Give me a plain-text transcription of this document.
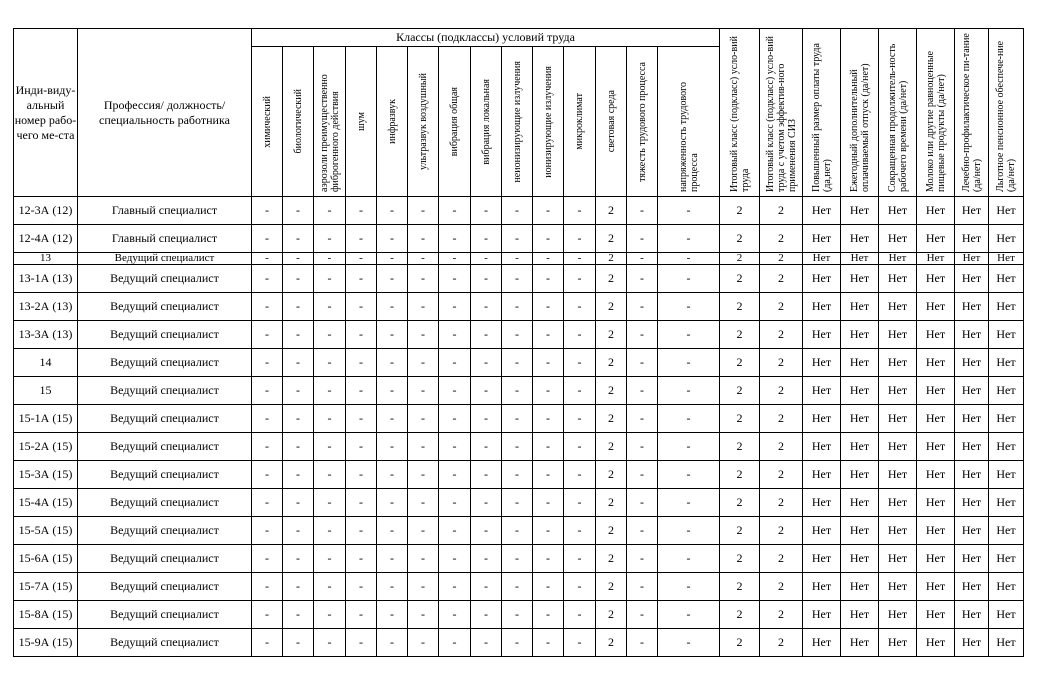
Инди-виду-альный номер рабо-чего ме-ста	Профессия/ должность/ специальность работника	Классы (подклассы) условий труда														Итоговый класс (подкласс) усло-вий труда	Итоговый класс (подкласс) усло-вий труда с учетом эффектив-ного применения СИЗ	Повышенный размер оплаты труда (да,нет)	Ежегодный дополнительный оплачиваемый отпуск (да/нет)	Сокращенная продолжитель-ность рабочего времени (да/нет)	Молоко или другие равноценные пищевые продукты (да/нет)	Лечебно-профилактическое пи-тание (да/нет)	Льготное пенсионное обеспече-ние (да/нет)

		химический	биологический	аэрозоли преимущественно фиброгенного действия	шум	инфразвук	ультразвук воздушный	вибрация общая	вибрация локальная	неионизирующие излучения	ионизирующие излучения	микроклимат	световая среда	тяжесть трудового процесса	напряженность трудового процесса								

12-3А (12)	Главный специалист	-	-	-	-	-	-	-	-	-	-	-	2	-	-	2	2	Нет	Нет	Нет	Нет	Нет	Нет
12-4А (12)	Главный специалист	-	-	-	-	-	-	-	-	-	-	-	2	-	-	2	2	Нет	Нет	Нет	Нет	Нет	Нет
13	Ведущий специалист	-	-	-	-	-	-	-	-	-	-	-	2	-	-	2	2	Нет	Нет	Нет	Нет	Нет	Нет
13-1А (13)	Ведущий специалист	-	-	-	-	-	-	-	-	-	-	-	2	-	-	2	2	Нет	Нет	Нет	Нет	Нет	Нет
13-2А (13)	Ведущий специалист	-	-	-	-	-	-	-	-	-	-	-	2	-	-	2	2	Нет	Нет	Нет	Нет	Нет	Нет
13-3А (13)	Ведущий специалист	-	-	-	-	-	-	-	-	-	-	-	2	-	-	2	2	Нет	Нет	Нет	Нет	Нет	Нет
14	Ведущий специалист	-	-	-	-	-	-	-	-	-	-	-	2	-	-	2	2	Нет	Нет	Нет	Нет	Нет	Нет
15	Ведущий специалист	-	-	-	-	-	-	-	-	-	-	-	2	-	-	2	2	Нет	Нет	Нет	Нет	Нет	Нет
15-1А (15)	Ведущий специалист	-	-	-	-	-	-	-	-	-	-	-	2	-	-	2	2	Нет	Нет	Нет	Нет	Нет	Нет
15-2А (15)	Ведущий специалист	-	-	-	-	-	-	-	-	-	-	-	2	-	-	2	2	Нет	Нет	Нет	Нет	Нет	Нет
15-3А (15)	Ведущий специалист	-	-	-	-	-	-	-	-	-	-	-	2	-	-	2	2	Нет	Нет	Нет	Нет	Нет	Нет
15-4А (15)	Ведущий специалист	-	-	-	-	-	-	-	-	-	-	-	2	-	-	2	2	Нет	Нет	Нет	Нет	Нет	Нет
15-5А (15)	Ведущий специалист	-	-	-	-	-	-	-	-	-	-	-	2	-	-	2	2	Нет	Нет	Нет	Нет	Нет	Нет
15-6А (15)	Ведущий специалист	-	-	-	-	-	-	-	-	-	-	-	2	-	-	2	2	Нет	Нет	Нет	Нет	Нет	Нет
15-7А (15)	Ведущий специалист	-	-	-	-	-	-	-	-	-	-	-	2	-	-	2	2	Нет	Нет	Нет	Нет	Нет	Нет
15-8А (15)	Ведущий специалист	-	-	-	-	-	-	-	-	-	-	-	2	-	-	2	2	Нет	Нет	Нет	Нет	Нет	Нет
15-9А (15)	Ведущий специалист	-	-	-	-	-	-	-	-	-	-	-	2	-	-	2	2	Нет	Нет	Нет	Нет	Нет	Нет
